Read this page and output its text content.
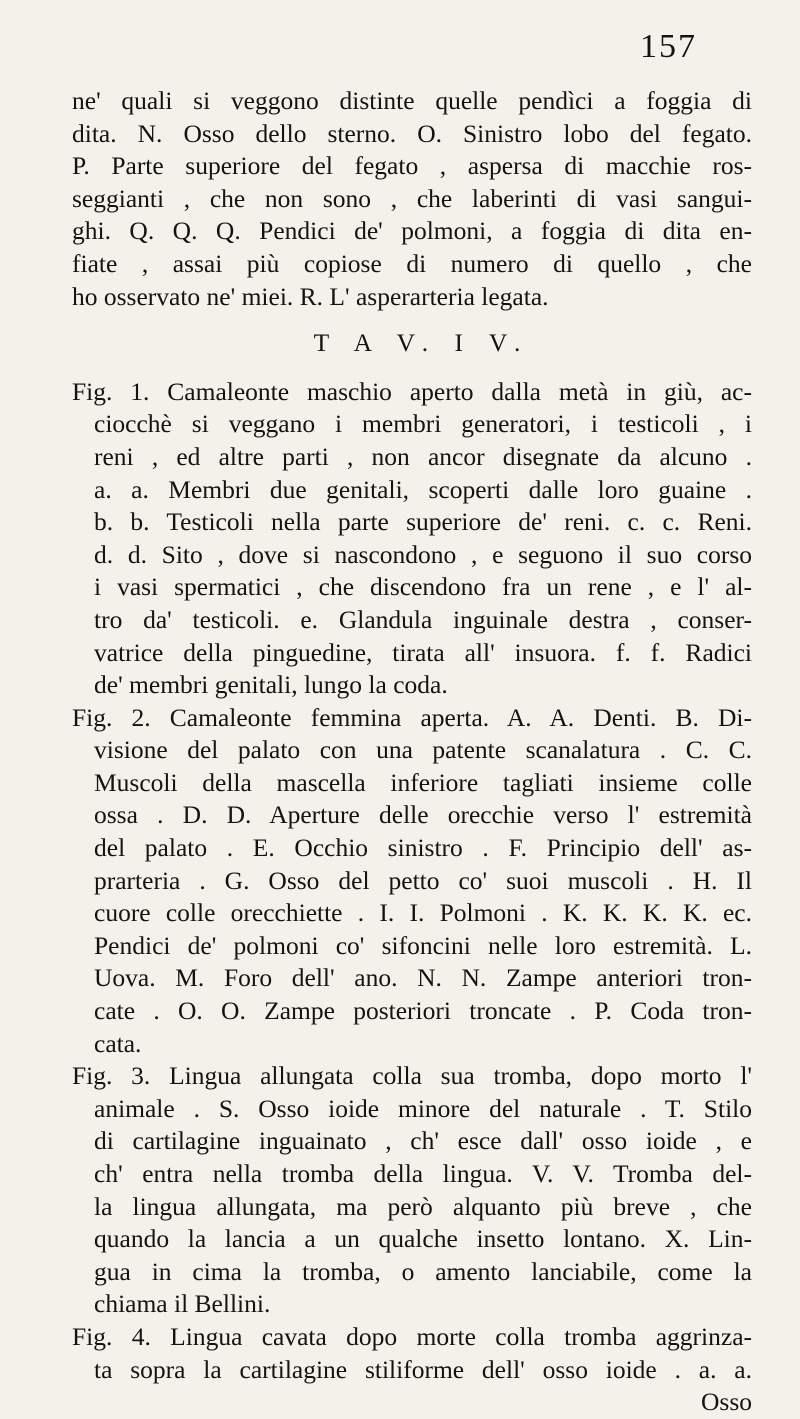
157
ne' quali si veggono distinte quelle pendìci a foggia di
dita. N. Osso dello sterno. O. Sinistro lobo del fegato.
P. Parte superiore del fegato , aspersa di macchie ros-
seggianti , che non sono , che laberinti di vasi sangui-
ghi. Q. Q. Q. Pendici de' polmoni, a foggia di dita en-
fiate , assai più copiose di numero di quello , che
ho osservato ne' miei. R. L' asperarteria legata.
T A V. I V.
Fig. 1. Camaleonte maschio aperto dalla metà in giù, ac-
ciocchè si veggano i membri generatori, i testicoli , i
reni , ed altre parti , non ancor disegnate da alcuno .
a. a. Membri due genitali, scoperti dalle loro guaine .
b. b. Testicoli nella parte superiore de' reni. c. c. Reni.
d. d. Sito , dove si nascondono , e seguono il suo corso
i vasi spermatici , che discendono fra un rene , e l' al-
tro da' testicoli. e. Glandula inguinale destra , conser-
vatrice della pinguedine, tirata all' insuora. f. f. Radici
de' membri genitali, lungo la coda.
Fig. 2. Camaleonte femmina aperta. A. A. Denti. B. Di-
visione del palato con una patente scanalatura . C. C.
Muscoli della mascella inferiore tagliati insieme colle
ossa . D. D. Aperture delle orecchie verso l' estremità
del palato . E. Occhio sinistro . F. Principio dell' as-
prarteria . G. Osso del petto co' suoi muscoli . H. Il
cuore colle orecchiette . I. I. Polmoni . K. K. K. K. ec.
Pendici de' polmoni co' sifoncini nelle loro estremità. L.
Uova. M. Foro dell' ano. N. N. Zampe anteriori tron-
cate . O. O. Zampe posteriori troncate . P. Coda tron-
cata.
Fig. 3. Lingua allungata colla sua tromba, dopo morto l'
animale . S. Osso ioide minore del naturale . T. Stilo
di cartilagine inguainato , ch' esce dall' osso ioide , e
ch' entra nella tromba della lingua. V. V. Tromba del-
la lingua allungata, ma però alquanto più breve , che
quando la lancia a un qualche insetto lontano. X. Lin-
gua in cima la tromba, o amento lanciabile, come la
chiama il Bellini.
Fig. 4. Lingua cavata dopo morte colla tromba aggrinza-
ta sopra la cartilagine stiliforme dell' osso ioide . a. a.
Osso
